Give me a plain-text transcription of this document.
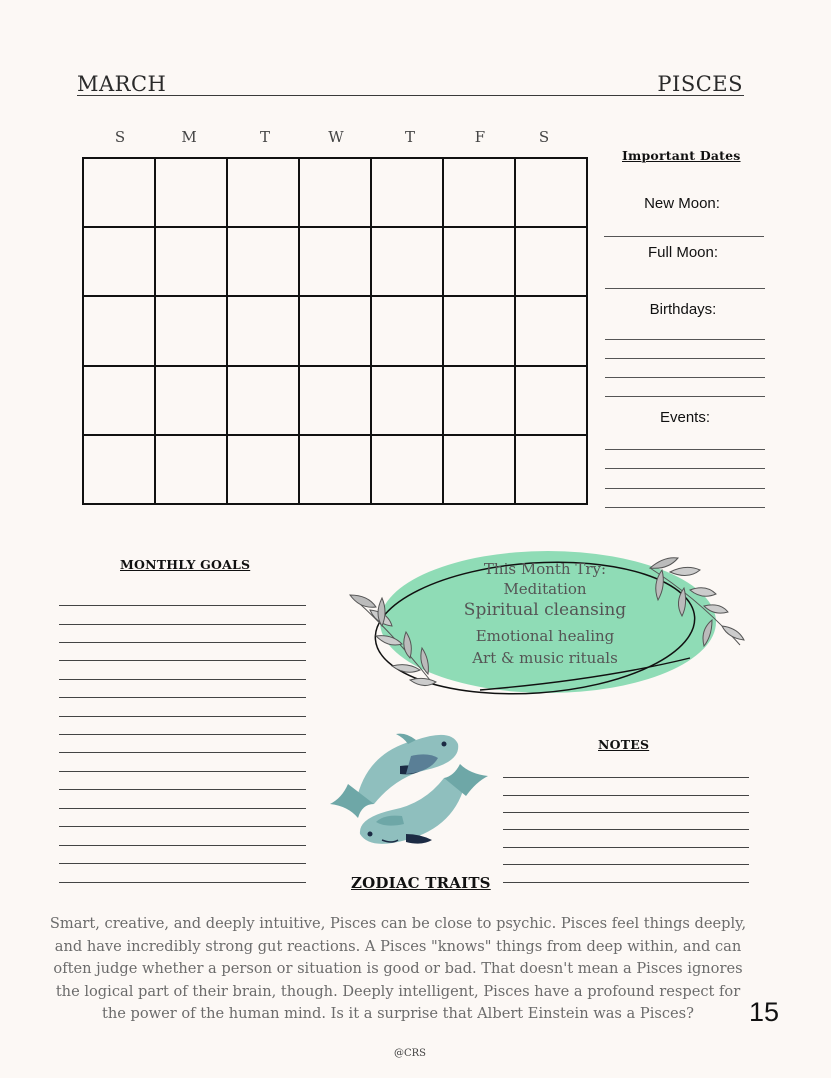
MARCH	PISCES
S	M	T	W	T	F	S
Important Dates
New Moon:
Full Moon:
Birthdays:
Events:
MONTHLY GOALS	This Month Try:
Meditation
Spiritual cleansing
Emotional healing
Art & music rituals
NOTES
ZODIAC TRAITS
Smart, creative, and deeply intuitive, Pisces can be close to psychic. Pisces feel things deeply, and have incredibly strong gut reactions. A Pisces "knows" things from deep within, and can often judge whether a person or situation is good or bad. That doesn't mean a Pisces ignores the logical part of their brain, though. Deeply intelligent, Pisces have a profound respect for the power of the human mind. Is it a surprise that Albert Einstein was a Pisces?	15
@CRS
